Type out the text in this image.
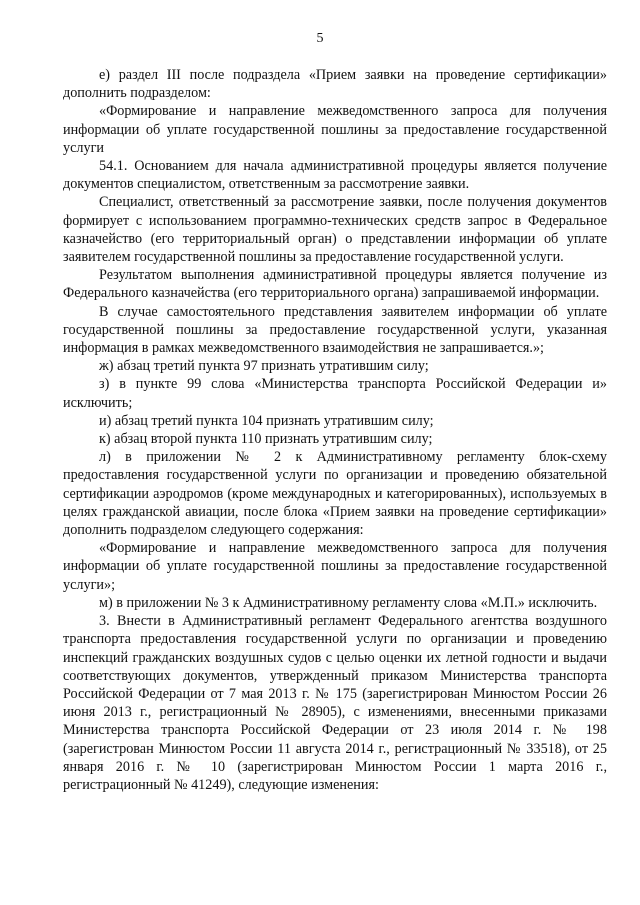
5

е) раздел III после подраздела «Прием заявки на проведение сертификации» дополнить подразделом:

«Формирование и направление межведомственного запроса для получения информации об уплате государственной пошлины за предоставление государственной услуги

54.1. Основанием для начала административной процедуры является получение документов специалистом, ответственным за рассмотрение заявки.

Специалист, ответственный за рассмотрение заявки, после получения документов формирует с использованием программно-технических средств запрос в Федеральное казначейство (его территориальный орган) о представлении информации об уплате заявителем государственной пошлины за предоставление государственной услуги.

Результатом выполнения административной процедуры является получение из Федерального казначейства (его территориального органа) запрашиваемой информации.

В случае самостоятельного представления заявителем информации об уплате государственной пошлины за предоставление государственной услуги, указанная информация в рамках межведомственного взаимодействия не запрашивается.»;

ж) абзац третий пункта 97 признать утратившим силу;

з) в пункте 99 слова «Министерства транспорта Российской Федерации и» исключить;

и) абзац третий пункта 104 признать утратившим силу;

к) абзац второй пункта 110 признать утратившим силу;

л) в приложении № 2 к Административному регламенту блок-схему предоставления государственной услуги по организации и проведению обязательной сертификации аэродромов (кроме международных и категорированных), используемых в целях гражданской авиации, после блока «Прием заявки на проведение сертификации» дополнить подразделом следующего содержания:

«Формирование и направление межведомственного запроса для получения информации об уплате государственной пошлины за предоставление государственной услуги»;

м) в приложении № 3 к Административному регламенту слова «М.П.» исключить.

3. Внести в Административный регламент Федерального агентства воздушного транспорта предоставления государственной услуги по организации и проведению инспекций гражданских воздушных судов с целью оценки их летной годности и выдачи соответствующих документов, утвержденный приказом Министерства транспорта Российской Федерации от 7 мая 2013 г. № 175 (зарегистрирован Минюстом России 26 июня 2013 г., регистрационный № 28905), с изменениями, внесенными приказами Министерства транспорта Российской Федерации от 23 июля 2014 г. № 198 (зарегистрован Минюстом России 11 августа 2014 г., регистрационный № 33518), от 25 января 2016 г. № 10 (зарегистрирован Минюстом России 1 марта 2016 г., регистрационный № 41249), следующие изменения:
